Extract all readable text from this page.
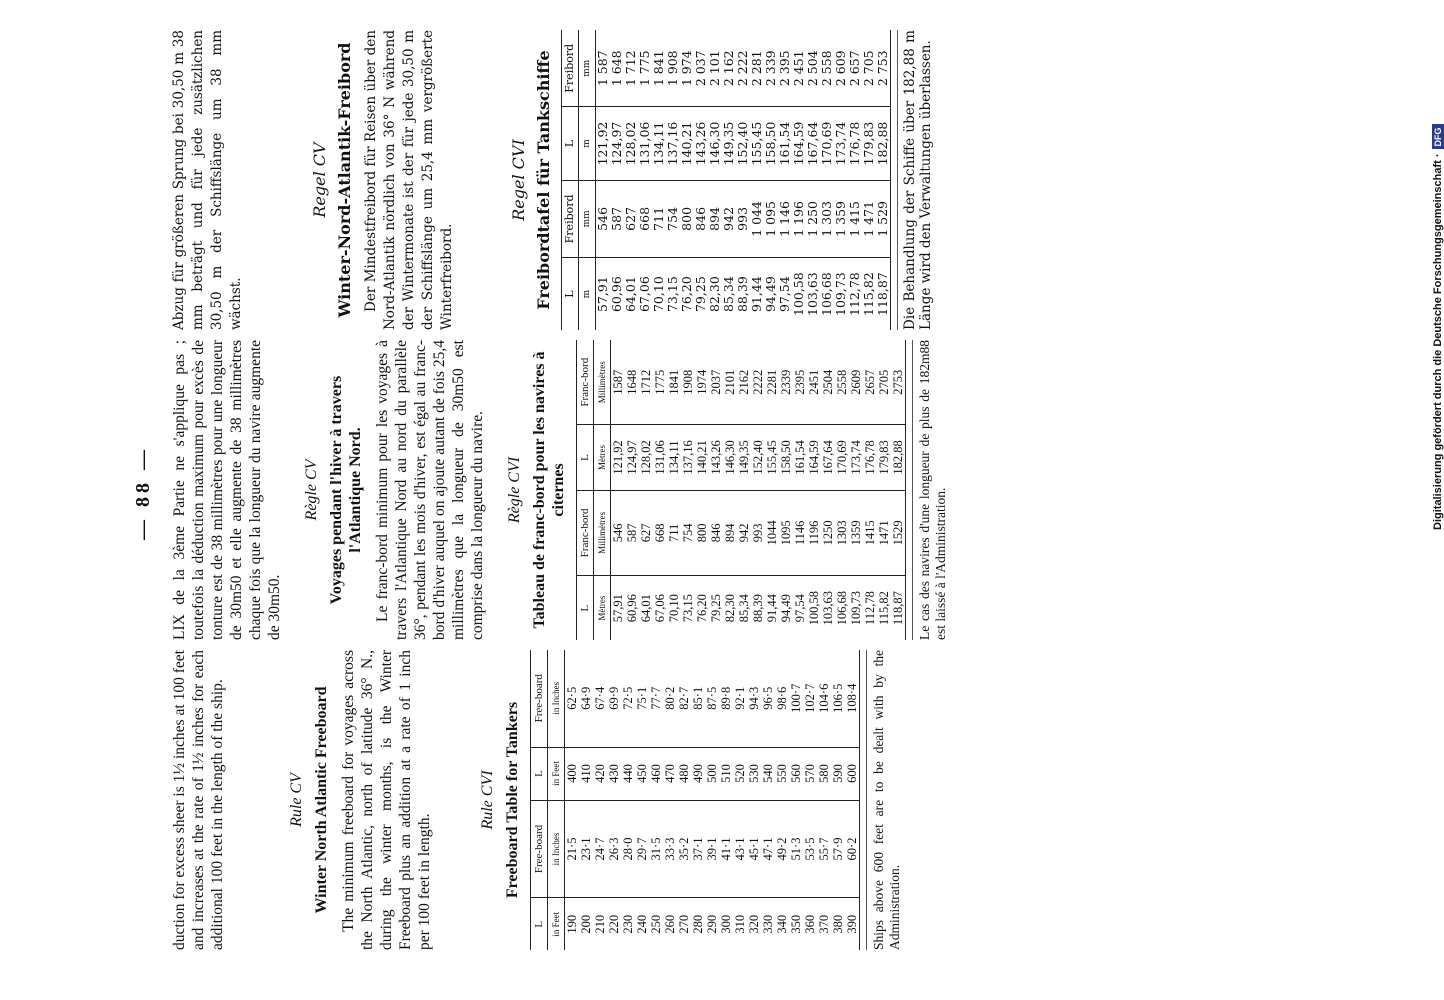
— 88 —

duction for excess sheer is 1½ inches at 100 feet and increases at the rate of 1½ inches for each additional 100 feet in the length of the ship.	Rule CV Winter North Atlantic Freeboard The minimum freeboard for voyages across the North Atlantic, north of latitude 36° N., during the winter months, is the Winter Freeboard plus an addition at a rate of 1 inch per 100 feet in length.

Rule CVI Freeboard Table for Tankers
L	Free-board	L	Free-board
in Feet	in Inches	in Feet	in Inches
190	21·5	400	62·5
200	23·1	410	64·9
210	24·7	420	67·4
220	26·3	430	69·9
230	28·0	440	72·5
240	29·7	450	75·1
250	31·5	460	77·7
260	33·3	470	80·2
270	35·2	480	82·7
280	37·1	490	85·1
290	39·1	500	87·5
300	41·1	510	89·8
310	43·1	520	92·1
320	45·1	530	94·3
330	47·1	540	96·5
340	49·2	550	98·6
350	51·3	560	100·7
360	53·5	570	102·7
370	55·7	580	104·6
380	57·9	590	106·5
390	60·2	600	108·4 Ships above 600 feet are to be dealt with by the Administration.

LIX de la 3ème Partie ne s'applique pas ; toutefois la déduction maximum pour excès de tonture est de 38 millimètres pour une longueur de 30m50 et elle augmente de 38 millimètres chaque fois que la longueur du navire augmente de 30m50.

Règle CV Voyages pendant l'hiver à travers l'Atlantique Nord. Le franc-bord minimum pour les voyages à travers l'Atlantique Nord au nord du parallèle 36°, pendant les mois d'hiver, est égal au franc-bord d'hiver auquel on ajoute autant de fois 25,4 millimètres que la longueur de 30m50 est comprise dans la longueur du navire. Règle CVI Tableau de franc-bord pour les navires à citernes
L	Franc-bord	L	Franc-bord
Mètres	Millimètres	Mètres	Millimètres
57,91	546	121,92	1587
60,96	587	124,97	1648
64,01	627	128,02	1712
67,06	668	131,06	1775
70,10	711	134,11	1841
73,15	754	137,16	1908
76,20	800	140,21	1974
79,25	846	143,26	2037
82,30	894	146,30	2101
85,34	942	149,35	2162
88,39	993	152,40	2222
91,44	1044	155,45	2281
94,49	1095	158,50	2339
97,54	1146	161,54	2395
100,58	1196	164,59	2451
103,63	1250	167,64	2504
106,68	1303	170,69	2558
109,73	1359	173,74	2609
112,78	1415	176,78	2657
115,82	1471	179,83	2705
118,87	1529	182,88	2753 Le cas des navires d'une longueur de plus de 182m88 est laissé à l'Administration.

Abzug für größeren Sprung bei 30,50 m 38 mm beträgt und für jede zusätzlichen 30,50 m der Schiffslänge um 38 mm wächst.

Regel CV Winter-Nord-Atlantik-Freibord Der Mindestfreibord für Reisen über den Nord-Atlantik nördlich von 36° N während der Wintermonate ist der für jede 30,50 m der Schiffslänge um 25,4 mm vergrößerte Winterfreibord.

Regel CVI Freibordtafel für Tankschiffe L	Freibord	L	Freibord
m	mm	m	mm
57,91	546	121,92	1 587
60,96	587	124,97	1 648
64,01	627	128,02	1 712
67,06	668	131,06	1 775
70,10	711	134,11	1 841
73,15	754	137,16	1 908
76,20	800	140,21	1 974
79,25	846	143,26	2 037
82,30	894	146,30	2 101
85,34	942	149,35	2 162
88,39	993	152,40	2 222
91,44	1 044	155,45	2 281
94,49	1 095	158,50	2 339
97,54	1 146	161,54	2 395
100,58	1 196	164,59	2 451
103,63	1 250	167,64	2 504
106,68	1 303	170,69	2 558
109,73	1 359	173,74	2 609
112,78	1 415	176,78	2 657
115,82	1 471	179,83	2 705
118,87	1 529	182,88	2 753 Die Behandlung der Schiffe über 182,88 m Länge wird den Verwaltungen überlassen.	Digitalisierung gefördert durch die Deutsche Forschungsgemeinschaft ·DFG
